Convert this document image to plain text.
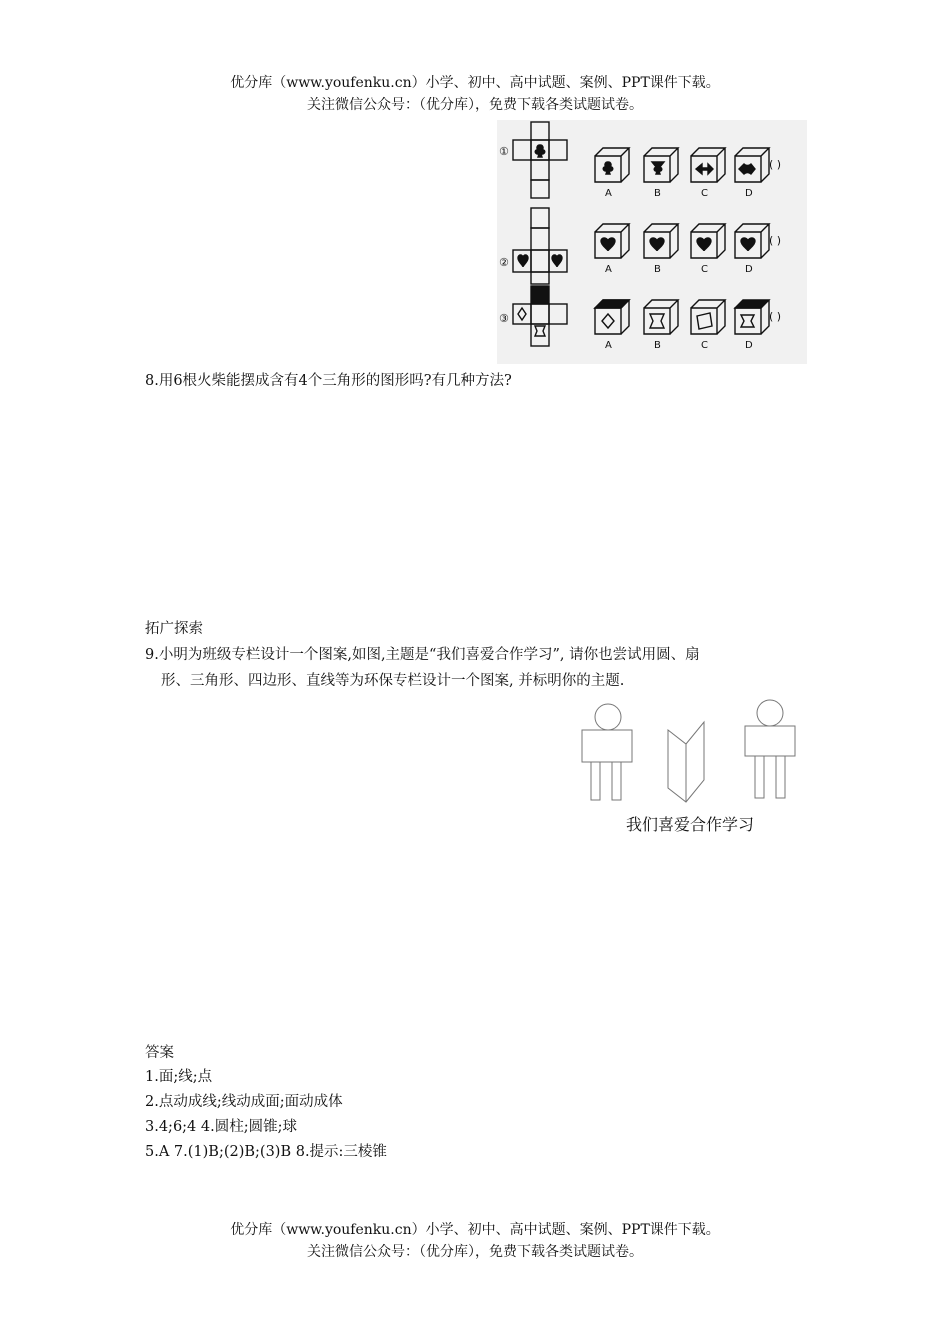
优分库（www.youfenku.cn）小学、初中、高中试题、案例、PPT课件下载。
关注微信公众号：（优分库），免费下载各类试题试卷。
①
②
③
A	B	C	D
A	B	C	D
A	B	C	D
( )
( )
( )
8.用6根火柴能摆成含有4个三角形的图形吗?有几种方法?
拓广探索
9.小明为班级专栏设计一个图案,如图,主题是“我们喜爱合作学习”, 请你也尝试用圆、扇
形、三角形、四边形、直线等为环保专栏设计一个图案, 并标明你的主题.
我们喜爱合作学习
答案
1.面;线;点
2.点动成线;线动成面;面动成体
3.4;6;4 4.圆柱;圆锥;球
5.A 7.(1)B;(2)B;(3)B 8.提示:三棱锥
优分库（www.youfenku.cn）小学、初中、高中试题、案例、PPT课件下载。
关注微信公众号：（优分库），免费下载各类试题试卷。
